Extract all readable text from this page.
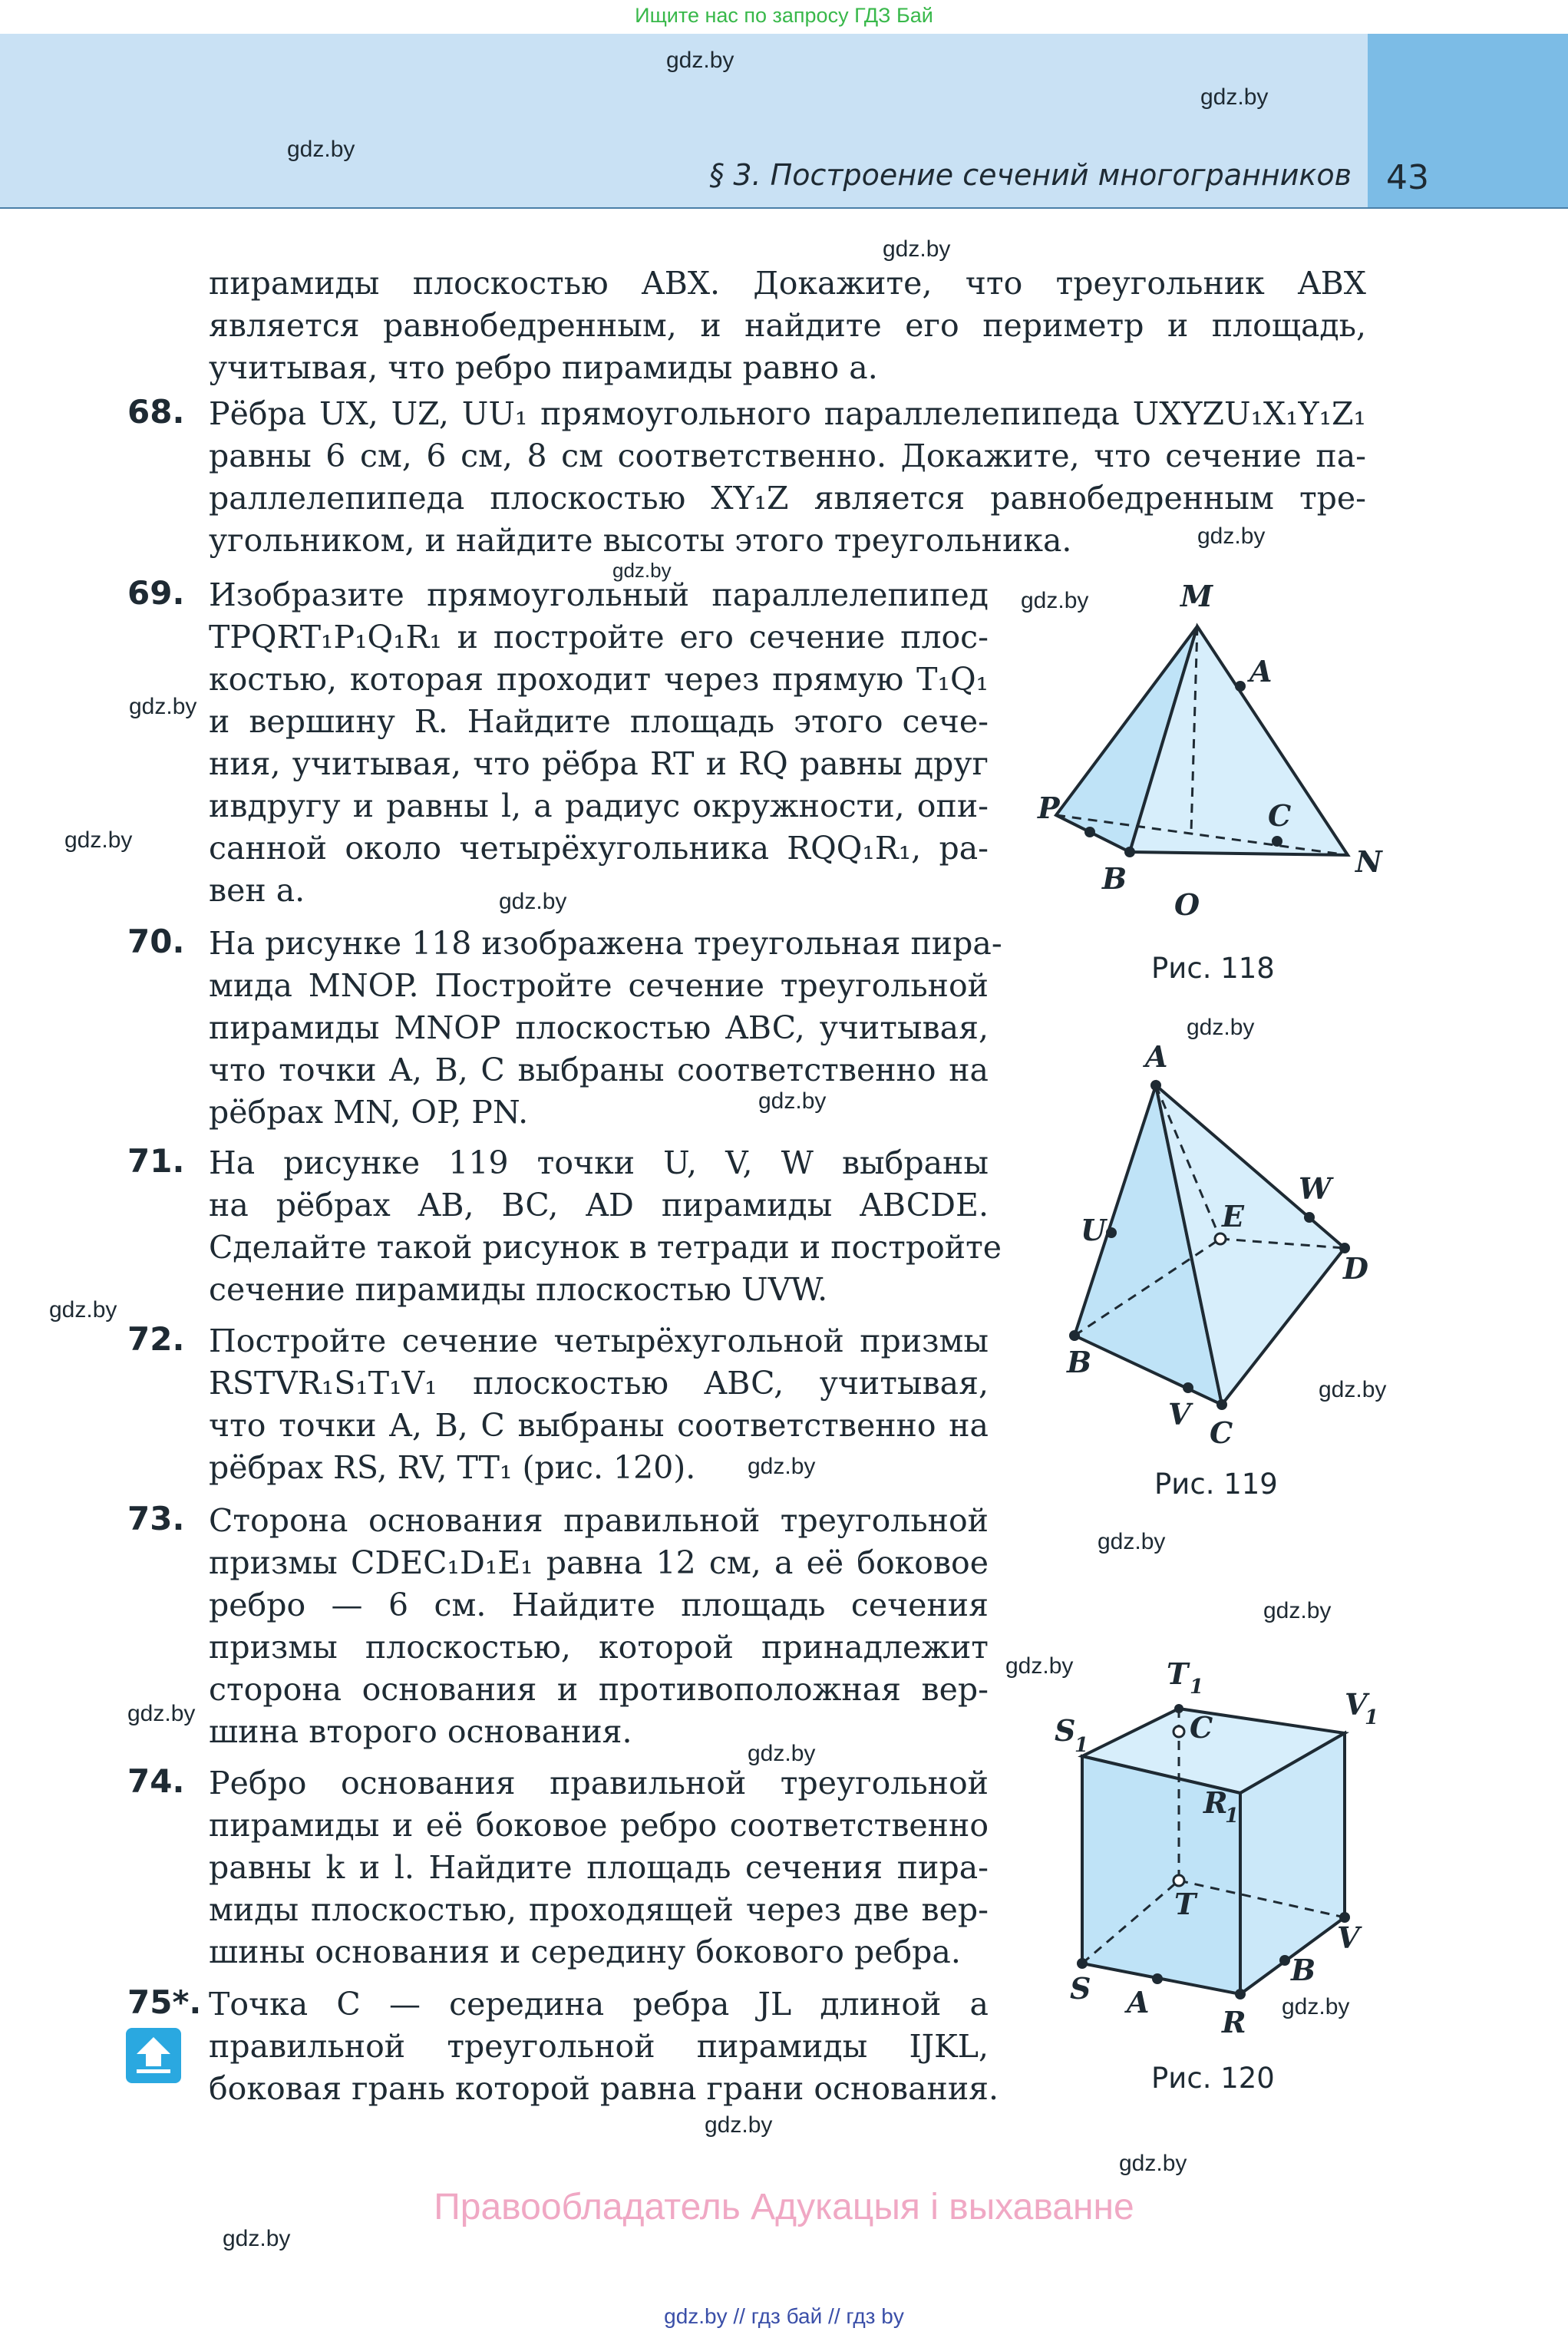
Ищите нас по запросу ГДЗ Бай
§ 3. Построение сечений многогранников 43
gdz.by
gdz.by
gdz.by
gdz.by
gdz.by
gdz.by
gdz.by
gdz.by
gdz.by
gdz.by
gdz.by
gdz.by
gdz.by
gdz.by
gdz.by
gdz.by
gdz.by
gdz.by
gdz.by
gdz.by
gdz.by
gdz.by
gdz.by
gdz.by
пирамиды плоскостью ABX. Докажите, что треугольник ABX
является равнобедренным, и найдите его периметр и площадь,
учитывая, что ребро пирамиды равно a.
68. Рёбра UX, UZ, UU₁ прямоугольного параллелепипеда UXYZU₁X₁Y₁Z₁
равны 6 см, 6 см, 8 см соответственно. Докажите, что сечение па-
раллелепипеда плоскостью XY₁Z является равнобедренным тре-
угольником, и найдите высоты этого треугольника.
69. Изобразите прямоугольный параллелепипед
TPQRT₁P₁Q₁R₁ и постройте его сечение плос-
костью, которая проходит через прямую T₁Q₁
и вершину R. Найдите площадь этого сече-
ния, учитывая, что рёбра RT и RQ равны друг
ивдругу и равны l, а радиус окружности, опи-
санной около четырёхугольника RQQ₁R₁, ра-
вен a.
70. На рисунке 118 изображена треугольная пира-
мида MNOP. Постройте сечение треугольной
пирамиды MNOP плоскостью ABC, учитывая,
что точки A, B, C выбраны соответственно на
рёбрах MN, OP, PN.
71. На рисунке 119 точки U, V, W выбраны
на рёбрах AB, BC, AD пирамиды ABCDE.
Сделайте такой рисунок в тетради и постройте
сечение пирамиды плоскостью UVW.
72. Постройте сечение четырёхугольной призмы
RSTVR₁S₁T₁V₁ плоскостью ABC, учитывая,
что точки A, B, C выбраны соответственно на
рёбрах RS, RV, TT₁ (рис. 120).
73. Сторона основания правильной треугольной
призмы CDEC₁D₁E₁ равна 12 см, а её боковое
ребро — 6 см. Найдите площадь сечения
призмы плоскостью, которой принадлежит
сторона основания и противоположная вер-
шина второго основания.
74. Ребро основания правильной треугольной
пирамиды и её боковое ребро соответственно
равны k и l. Найдите площадь сечения пира-
миды плоскостью, проходящей через две вер-
шины основания и середину бокового ребра.
75*. Точка C — середина ребра JL длиной a
правильной треугольной пирамиды IJKL,
боковая грань которой равна грани основания.
M
A
P	C
N
B
O
Рис. 118
A
W
E
U
D
B
V
C
Рис. 119
T 1	V
1
C
S
1
R
1
T
V
B
S A
R
Рис. 120
Правообладатель Адукацыя і выхаванне
gdz.by // гдз бай // гдз by
